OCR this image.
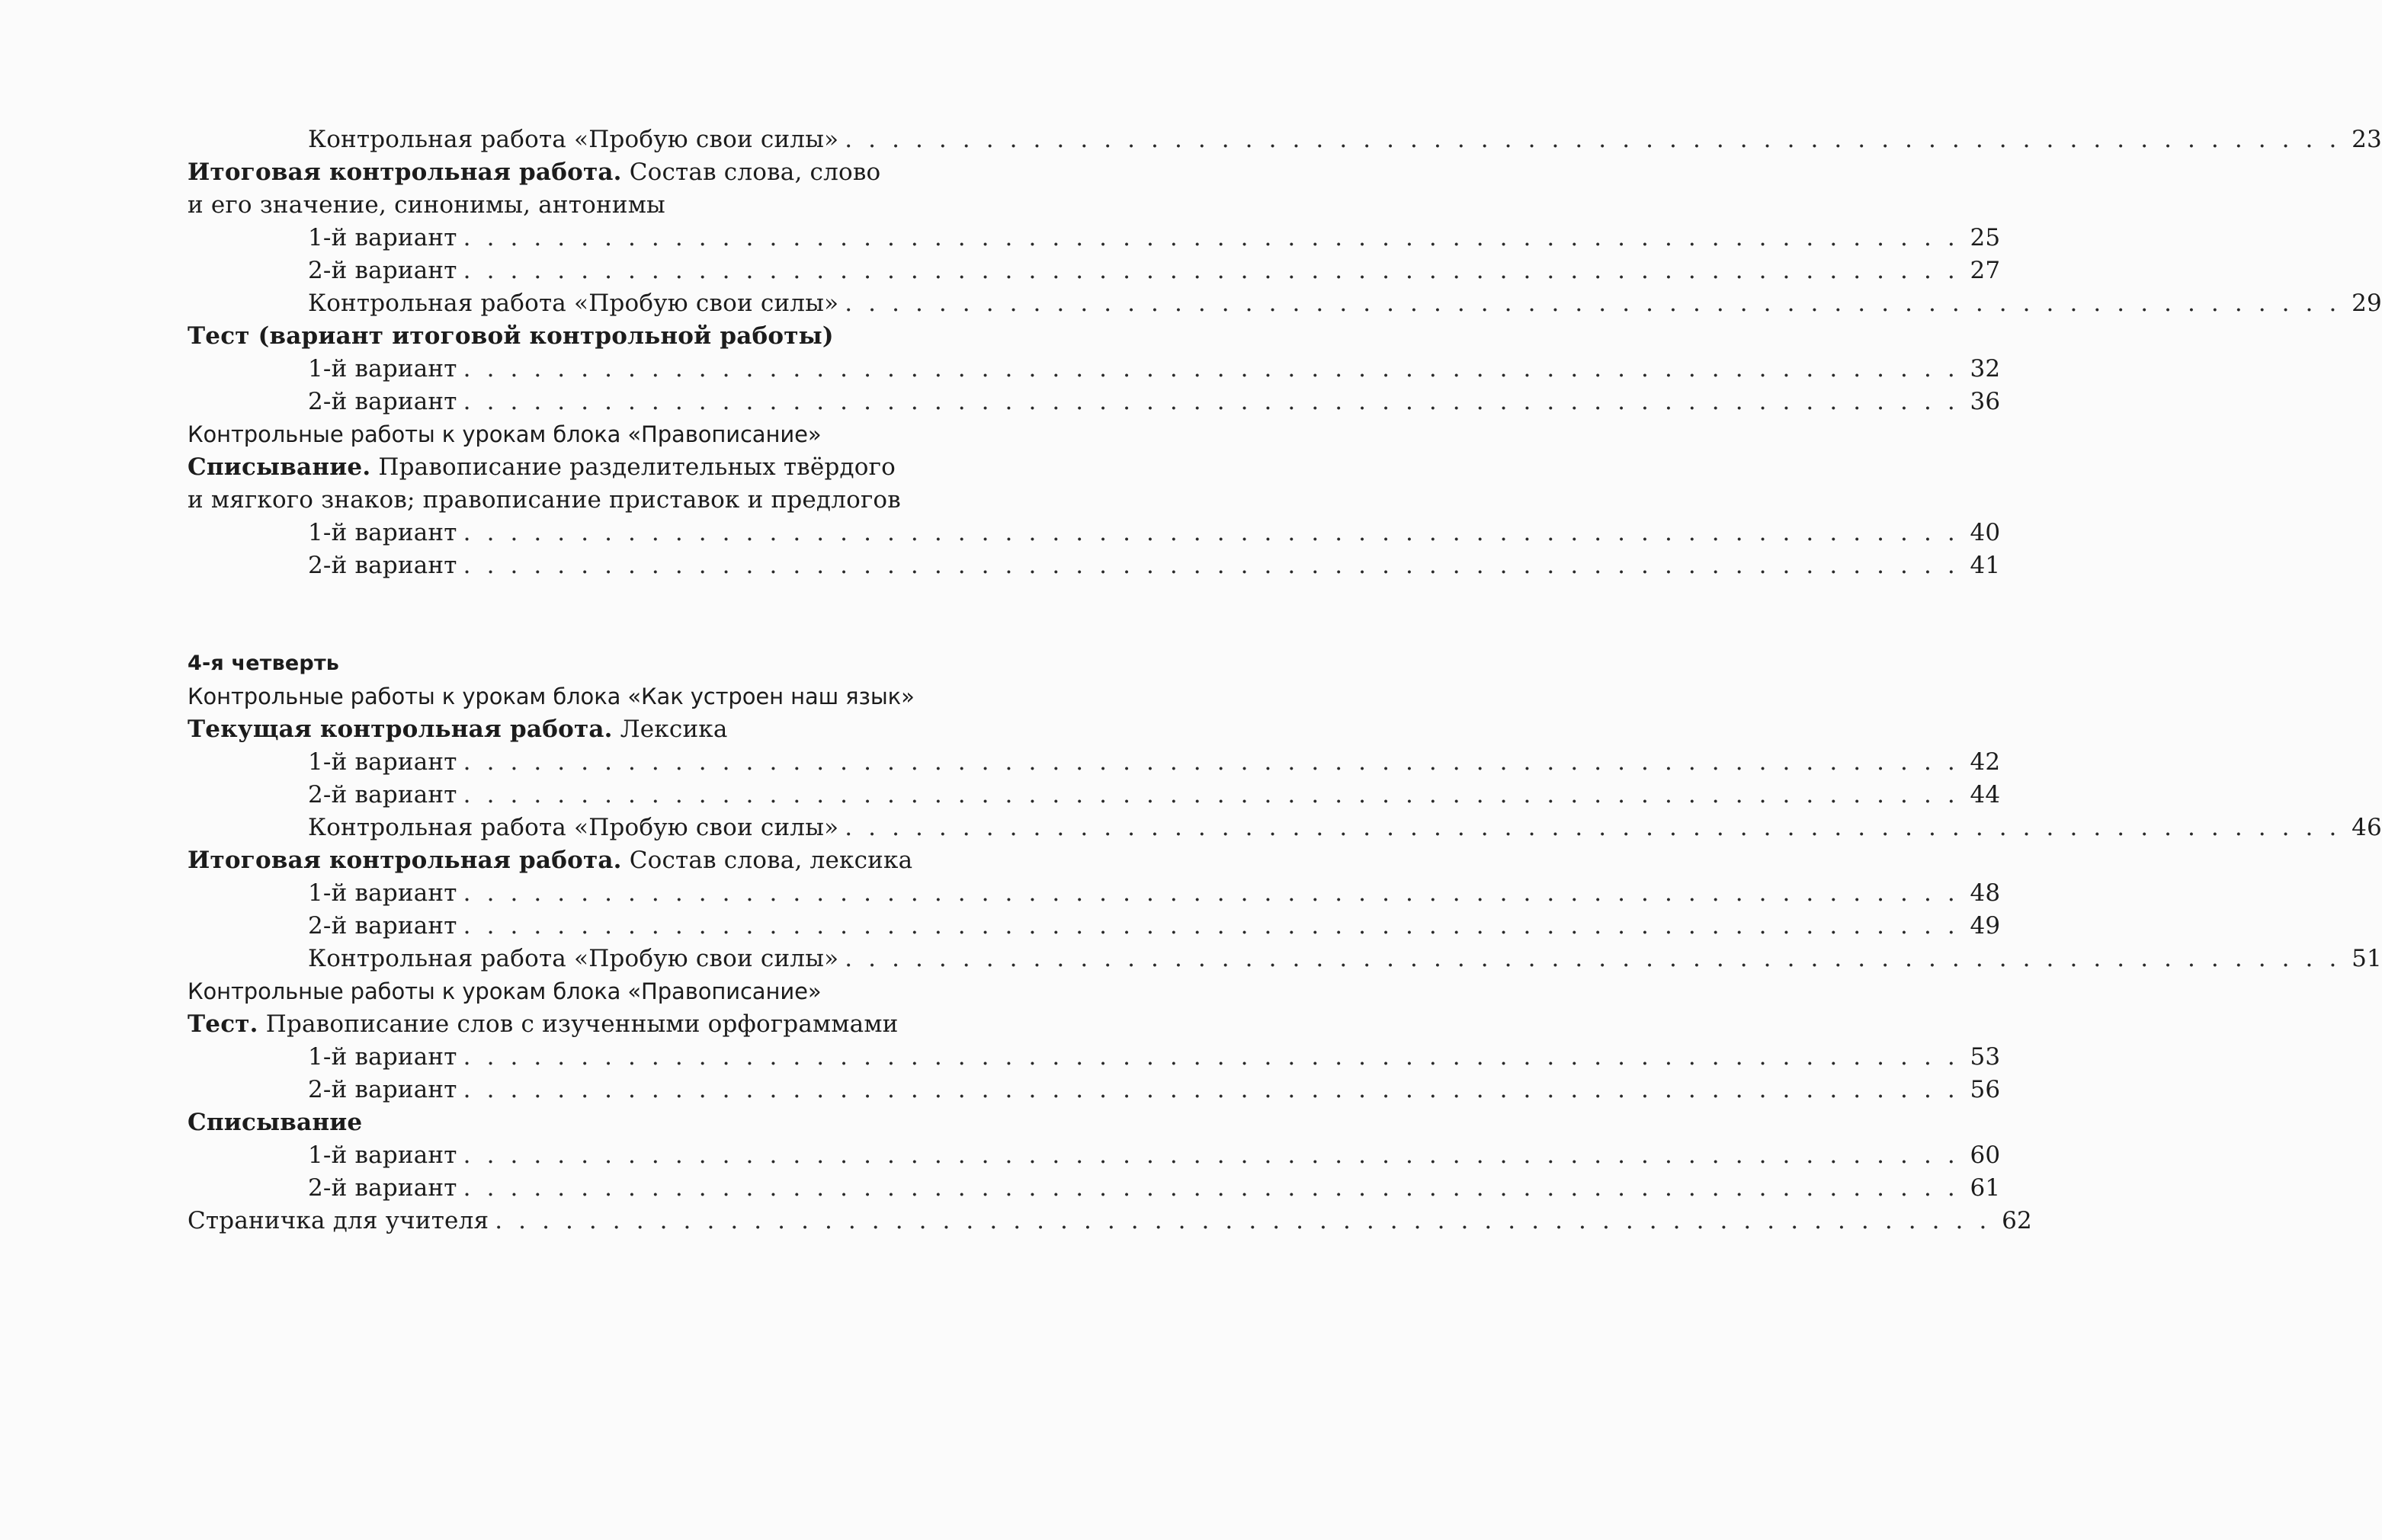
Контрольная работа «Пробую свои силы» . . . . . . . . . . . . . . . . . . . . . . . . . . . . . . . . . . . . . . . . . . . . . . . . . . . . . . . . . . . . . . . . 23
Итоговая контрольная работа. Состав слова, слово
и его значение, синонимы, антонимы
1-й вариант . . . . . . . . . . . . . . . . . . . . . . . . . . . . . . . . . . . . . . . . . . . . . . . . . . . . . . . . . . . . . . . . 25
2-й вариант . . . . . . . . . . . . . . . . . . . . . . . . . . . . . . . . . . . . . . . . . . . . . . . . . . . . . . . . . . . . . . . . 27
Контрольная работа «Пробую свои силы» . . . . . . . . . . . . . . . . . . . . . . . . . . . . . . . . . . . . . . . . . . . . . . . . . . . . . . . . . . . . . . . . 29
Тест (вариант итоговой контрольной работы)
1-й вариант . . . . . . . . . . . . . . . . . . . . . . . . . . . . . . . . . . . . . . . . . . . . . . . . . . . . . . . . . . . . . . . . 32
2-й вариант . . . . . . . . . . . . . . . . . . . . . . . . . . . . . . . . . . . . . . . . . . . . . . . . . . . . . . . . . . . . . . . . 36
Контрольные работы к урокам блока «Правописание»
Списывание. Правописание разделительных твёрдого
и мягкого знаков; правописание приставок и предлогов
1-й вариант . . . . . . . . . . . . . . . . . . . . . . . . . . . . . . . . . . . . . . . . . . . . . . . . . . . . . . . . . . . . . . . . 40
2-й вариант . . . . . . . . . . . . . . . . . . . . . . . . . . . . . . . . . . . . . . . . . . . . . . . . . . . . . . . . . . . . . . . . 41
4-я четверть
Контрольные работы к урокам блока «Как устроен наш язык»
Текущая контрольная работа. Лексика
1-й вариант . . . . . . . . . . . . . . . . . . . . . . . . . . . . . . . . . . . . . . . . . . . . . . . . . . . . . . . . . . . . . . . . 42
2-й вариант . . . . . . . . . . . . . . . . . . . . . . . . . . . . . . . . . . . . . . . . . . . . . . . . . . . . . . . . . . . . . . . . 44
Контрольная работа «Пробую свои силы» . . . . . . . . . . . . . . . . . . . . . . . . . . . . . . . . . . . . . . . . . . . . . . . . . . . . . . . . . . . . . . . . 46
Итоговая контрольная работа. Состав слова, лексика
1-й вариант . . . . . . . . . . . . . . . . . . . . . . . . . . . . . . . . . . . . . . . . . . . . . . . . . . . . . . . . . . . . . . . . 48
2-й вариант . . . . . . . . . . . . . . . . . . . . . . . . . . . . . . . . . . . . . . . . . . . . . . . . . . . . . . . . . . . . . . . . 49
Контрольная работа «Пробую свои силы» . . . . . . . . . . . . . . . . . . . . . . . . . . . . . . . . . . . . . . . . . . . . . . . . . . . . . . . . . . . . . . . . 51
Контрольные работы к урокам блока «Правописание»
Тест. Правописание слов с изученными орфограммами
1-й вариант . . . . . . . . . . . . . . . . . . . . . . . . . . . . . . . . . . . . . . . . . . . . . . . . . . . . . . . . . . . . . . . . 53
2-й вариант . . . . . . . . . . . . . . . . . . . . . . . . . . . . . . . . . . . . . . . . . . . . . . . . . . . . . . . . . . . . . . . . 56
Списывание
1-й вариант . . . . . . . . . . . . . . . . . . . . . . . . . . . . . . . . . . . . . . . . . . . . . . . . . . . . . . . . . . . . . . . . 60
2-й вариант . . . . . . . . . . . . . . . . . . . . . . . . . . . . . . . . . . . . . . . . . . . . . . . . . . . . . . . . . . . . . . . . 61
Страничка для учителя . . . . . . . . . . . . . . . . . . . . . . . . . . . . . . . . . . . . . . . . . . . . . . . . . . . . . . . . . . . . . . . . 62
